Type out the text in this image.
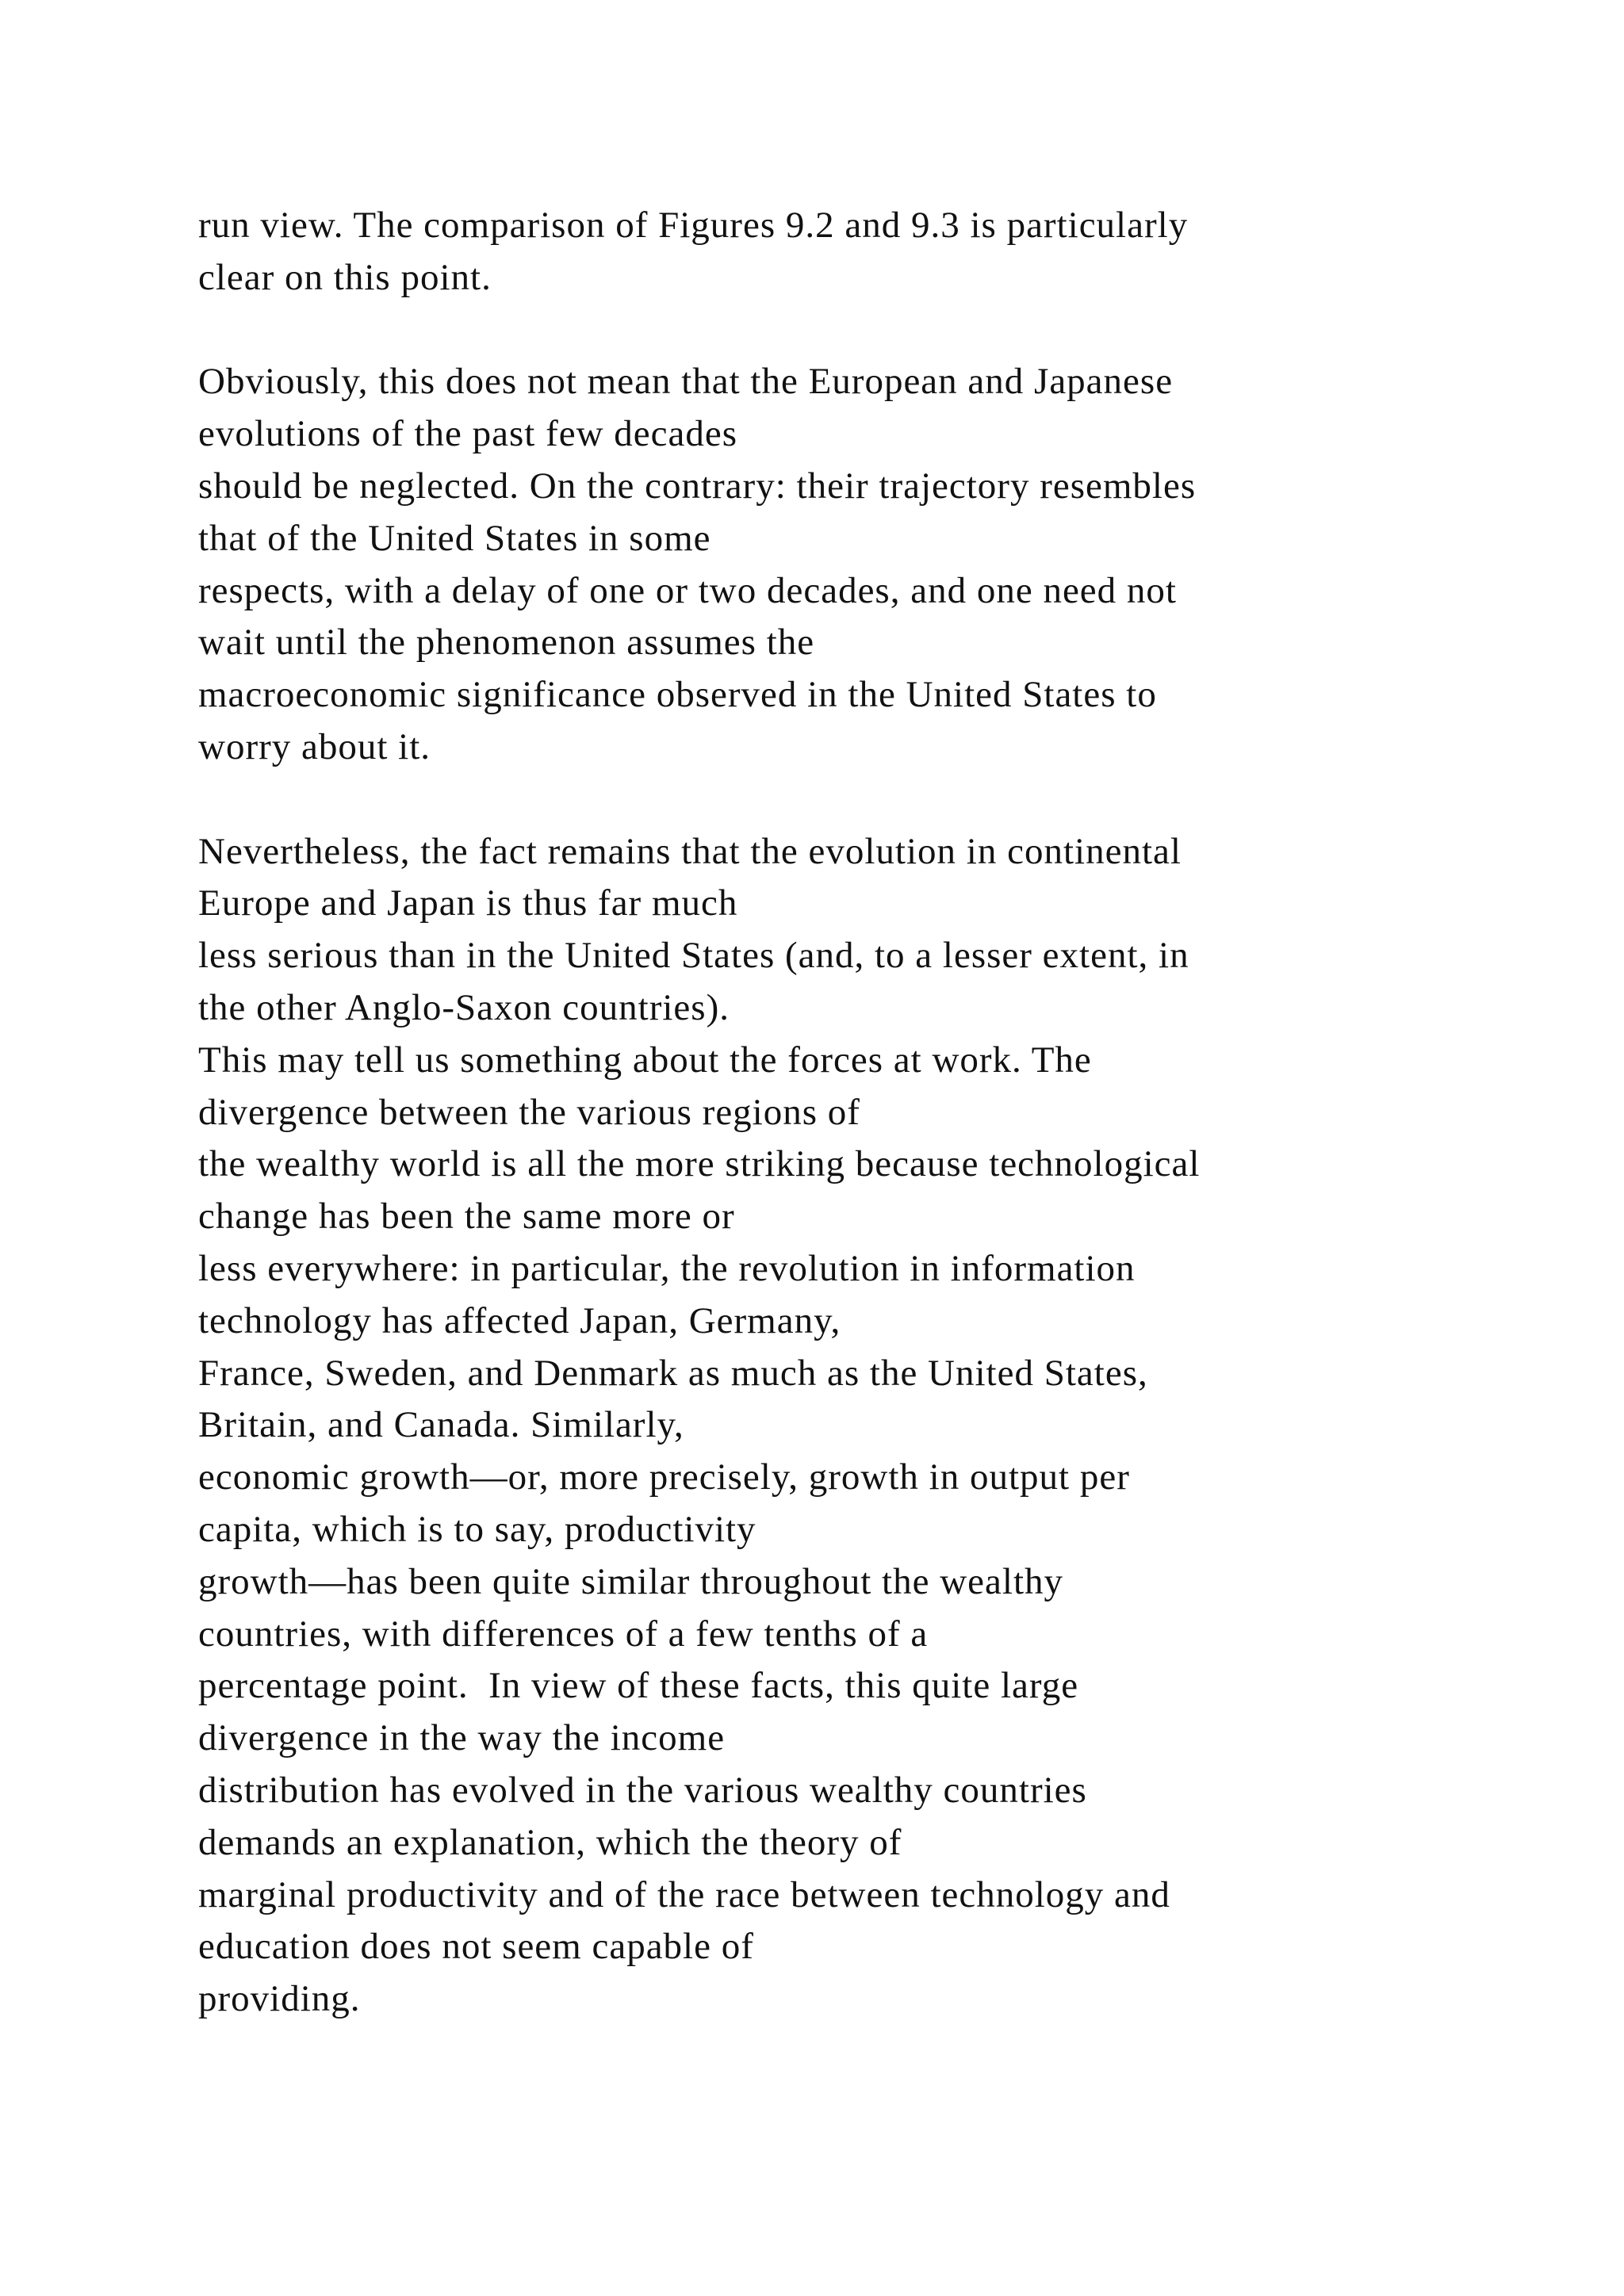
run view. The comparison of Figures 9.2 and 9.3 is particularly
clear on this point.

Obviously, this does not mean that the European and Japanese
evolutions of the past few decades
should be neglected. On the contrary: their trajectory resembles
that of the United States in some
respects, with a delay of one or two decades, and one need not
wait until the phenomenon assumes the
macroeconomic significance observed in the United States to
worry about it.

Nevertheless, the fact remains that the evolution in continental
Europe and Japan is thus far much
less serious than in the United States (and, to a lesser extent, in
the other Anglo-Saxon countries).
This may tell us something about the forces at work. The
divergence between the various regions of
the wealthy world is all the more striking because technological
change has been the same more or
less everywhere: in particular, the revolution in information
technology has affected Japan, Germany,
France, Sweden, and Denmark as much as the United States,
Britain, and Canada. Similarly,
economic growth—or, more precisely, growth in output per
capita, which is to say, productivity
growth—has been quite similar throughout the wealthy
countries, with differences of a few tenths of a
percentage point.  In view of these facts, this quite large
divergence in the way the income
distribution has evolved in the various wealthy countries
demands an explanation, which the theory of
marginal productivity and of the race between technology and
education does not seem capable of
providing.
